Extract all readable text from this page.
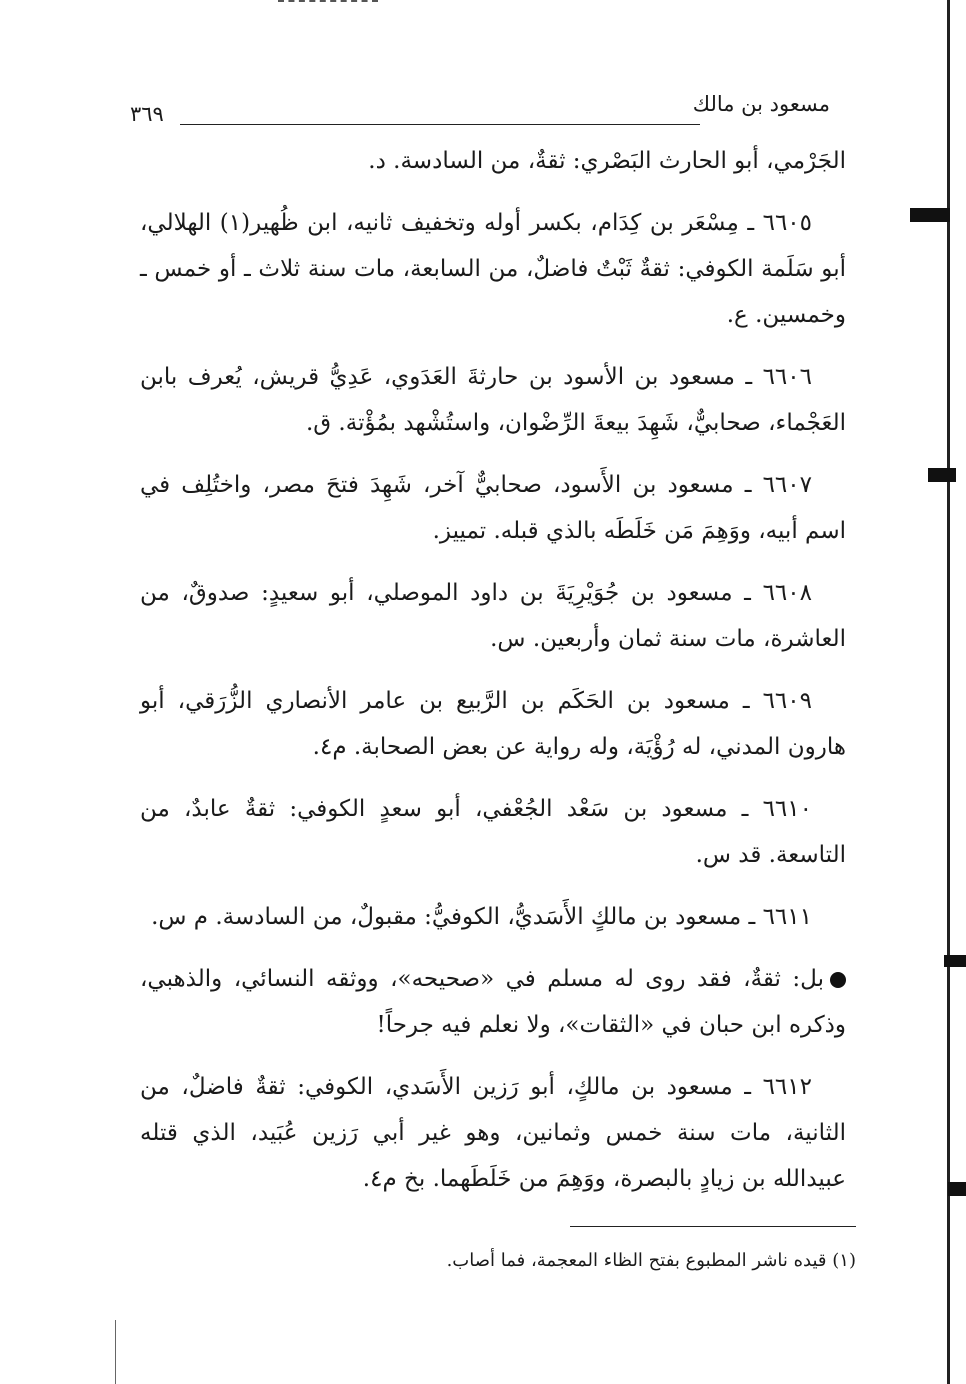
مسعود بن مالك
٣٦٩

الجَرْمي، أبو الحارث البَصْري: ثقةٌ، من السادسة. د.

٦٦٠٥ ـ مِسْعَر بن كِدَام، بكسر أوله وتخفيف ثانيه، ابن ظُهير(١) الهلالي، أبو سَلَمة الكوفي: ثقةٌ ثَبْتٌ فاضلٌ، من السابعة، مات سنة ثلاث ـ أو خمس ـ وخمسين. ع.

٦٦٠٦ ـ مسعود بن الأسود بن حارثةَ العَدَوي، عَدِيُّ قريش، يُعرف بابن العَجْماء، صحابيٌّ، شَهِدَ بيعةَ الرِّضْوان، واستُشْهد بمُؤْتة. ق.

٦٦٠٧ ـ مسعود بن الأَسود، صحابيٌّ آخر، شَهِدَ فتحَ مصر، واختُلِف في اسم أبيه، ووَهِمَ مَن خَلَطَه بالذي قبله. تمييز.

٦٦٠٨ ـ مسعود بن جُوَيْرِيَةَ بن داود الموصلي، أبو سعيدٍ: صدوقٌ، من العاشرة، مات سنة ثمان وأربعين. س.

٦٦٠٩ ـ مسعود بن الحَكَم بن الرَّبيع بن عامر الأنصاري الزُّرَقي، أبو هارون المدني، له رُؤْيَة، وله رواية عن بعض الصحابة. م٤.

٦٦١٠ ـ مسعود بن سَعْد الجُعْفي، أبو سعدٍ الكوفي: ثقةٌ عابدٌ، من التاسعة. قد س.

٦٦١١ ـ مسعود بن مالكٍ الأَسَديُّ، الكوفيُّ: مقبولٌ، من السادسة. م س.

بل: ثقةٌ، فقد روى له مسلم في «صحيحه»، ووثقه النسائي، والذهبي، وذكره ابن حبان في «الثقات»، ولا نعلم فيه جرحاً!

٦٦١٢ ـ مسعود بن مالكٍ، أبو رَزين الأَسَدي، الكوفي: ثقةٌ فاضلٌ، من الثانية، مات سنة خمس وثمانين، وهو غير أبي رَزين عُبَيد، الذي قتله عبيدالله بن زيادٍ بالبصرة، ووَهِمَ من خَلَطَهما. بخ م٤.

(١) قيده ناشر المطبوع بفتح الظاء المعجمة، فما أصاب.
